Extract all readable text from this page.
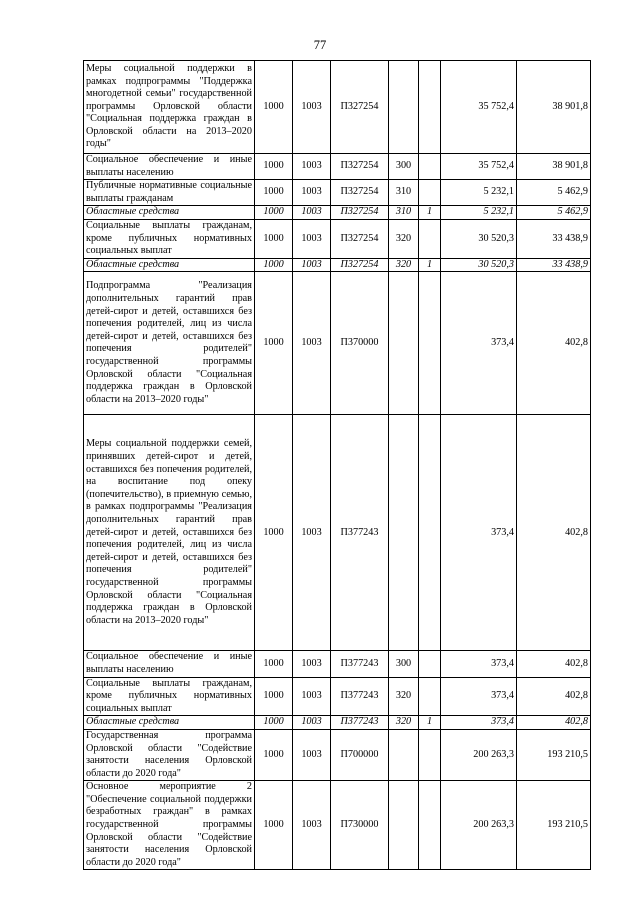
77
Меры социальной поддержки в рамках подпрограммы "Поддержка многодетной семьи" государственной программы Орловской области "Социальная поддержка граждан в Орловской области на 2013–2020 годы"	1000	1003	П327254			35 752,4	38 901,8
Социальное обеспечение и иные выплаты населению	1000	1003	П327254	300		35 752,4	38 901,8
Публичные нормативные социальные выплаты гражданам	1000	1003	П327254	310		5 232,1	5 462,9
Областные средства	1000	1003	П327254	310	1	5 232,1	5 462,9
Социальные выплаты гражданам, кроме публичных нормативных социальных выплат	1000	1003	П327254	320		30 520,3	33 438,9
Областные средства	1000	1003	П327254	320	1	30 520,3	33 438,9
Подпрограмма "Реализация дополнительных гарантий прав детей-сирот и детей, оставшихся без попечения родителей, лиц из числа детей-сирот и детей, оставшихся без попечения родителей" государственной программы Орловской области "Социальная поддержка граждан в Орловской области на 2013–2020 годы"	1000	1003	П370000			373,4	402,8
Меры социальной поддержки семей, принявших детей-сирот и детей, оставшихся без попечения родителей, на воспитание под опеку (попечительство), в приемную семью, в рамках подпрограммы "Реализация дополнительных гарантий прав детей-сирот и детей, оставшихся без попечения родителей, лиц из числа детей-сирот и детей, оставшихся без попечения родителей" государственной программы Орловской области "Социальная поддержка граждан в Орловской области на 2013–2020 годы"	1000	1003	П377243			373,4	402,8
Социальное обеспечение и иные выплаты населению	1000	1003	П377243	300		373,4	402,8
Социальные выплаты гражданам, кроме публичных нормативных социальных выплат	1000	1003	П377243	320		373,4	402,8
Областные средства	1000	1003	П377243	320	1	373,4	402,8
Государственная программа Орловской области "Содействие занятости населения Орловской области до 2020 года"	1000	1003	П700000			200 263,3	193 210,5
Основное мероприятие 2 "Обеспечение социальной поддержки безработных граждан" в рамках государственной программы Орловской области "Содействие занятости населения Орловской области до 2020 года"	1000	1003	П730000			200 263,3	193 210,5
